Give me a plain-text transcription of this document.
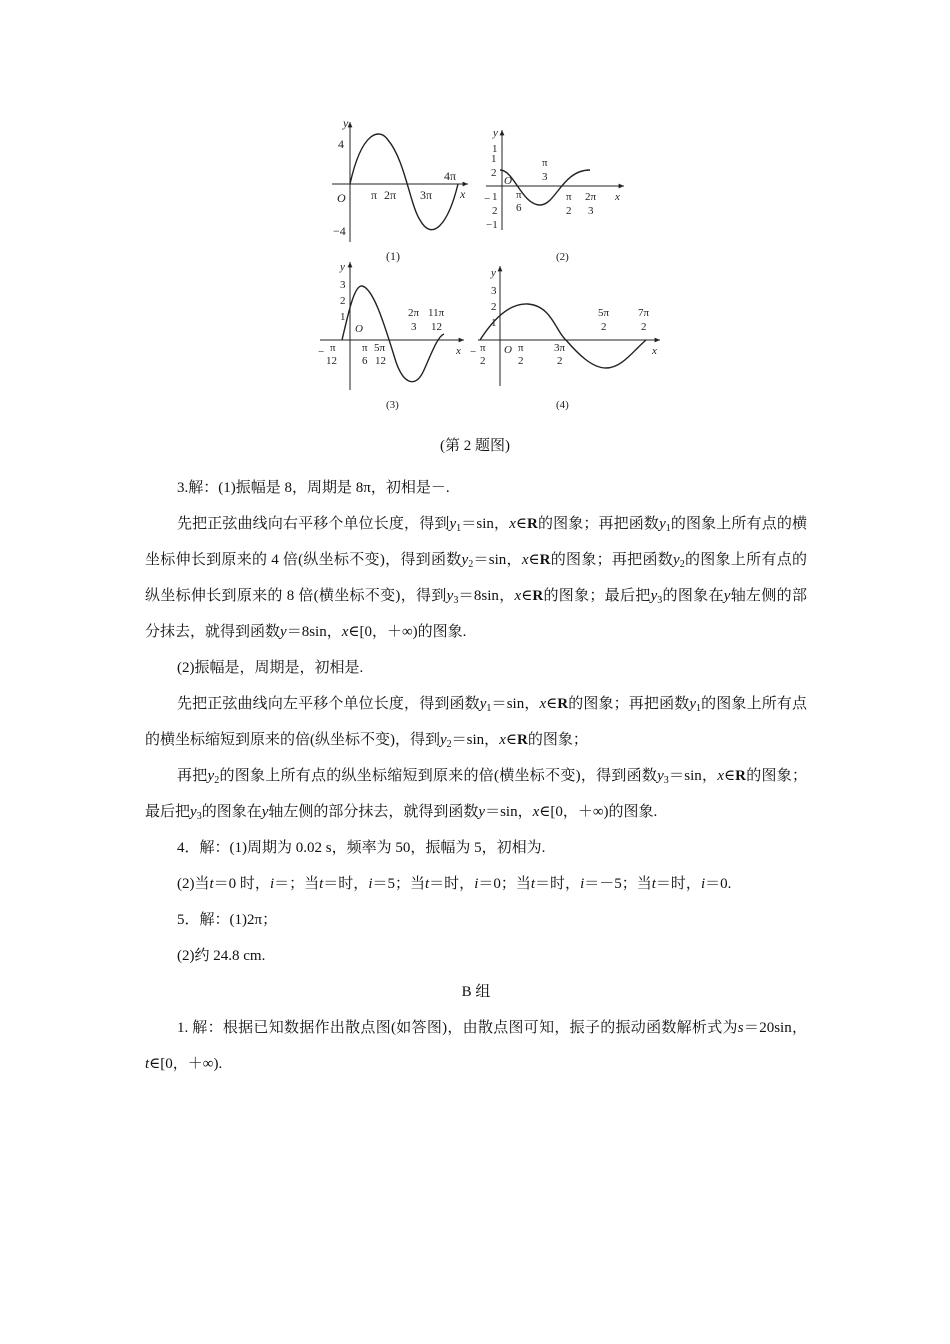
y
x
O
4
−4
π 2π 3π
4π
(1)
y
x
O
1
2
1
− 1
2
−1
π
6
π
3
π
2
2π
3
(2)
y
x
O
3
2
1
− π
12
π
6
5π
12
2π
3
11π
12
(3)
y
x
O
3
2
1
− π
2
π
2
3π
2
5π
2
7π
2
(4)
(第 2 题图)

3.解：(1)振幅是 8，周期是 8π，初相是－.

先把正弦曲线向右平移个单位长度，得到$y_1=\sin$，x∈R的图象；再把函数$y_1$的图象上所有点的横坐标伸长到原来的 4 倍(纵坐标不变)，得到函数$y_2=\sin$，x∈R的图象；再把函数$y_2$的图象上所有点的纵坐标伸长到原来的 8 倍(横坐标不变)，得到$y_3=8\sin$，x∈R的图象；最后把$y_3$的图象在y轴左侧的部分抹去，就得到函数y＝8sin，x∈[0，＋∞)的图象.

(2)振幅是，周期是，初相是.

先把正弦曲线向左平移个单位长度，得到函数$y_1=\sin$，x∈R的图象；再把函数$y_1$的图象上所有点的横坐标缩短到原来的倍(纵坐标不变)，得到$y_2=\sin$，x∈R的图象；

再把$y_2$的图象上所有点的纵坐标缩短到原来的倍(横坐标不变)，得到函数$y_3=\sin$，x∈R的图象；最后把$y_3$的图象在y轴左侧的部分抹去，就得到函数y＝sin，x∈[0，＋∞)的图象.

4．解：(1)周期为 0.02 s，频率为 50，振幅为 5，初相为.

(2)当t＝0 时，i＝；当t＝时，i＝5；当t＝时，i＝0；当t＝时，i＝－5；当t＝时，i＝0.

5．解：(1)2π；

(2)约 24.8 cm.

B 组

1. 解：根据已知数据作出散点图(如答图)，由散点图可知，振子的振动函数解析式为s＝20sin，t∈[0，＋∞).
